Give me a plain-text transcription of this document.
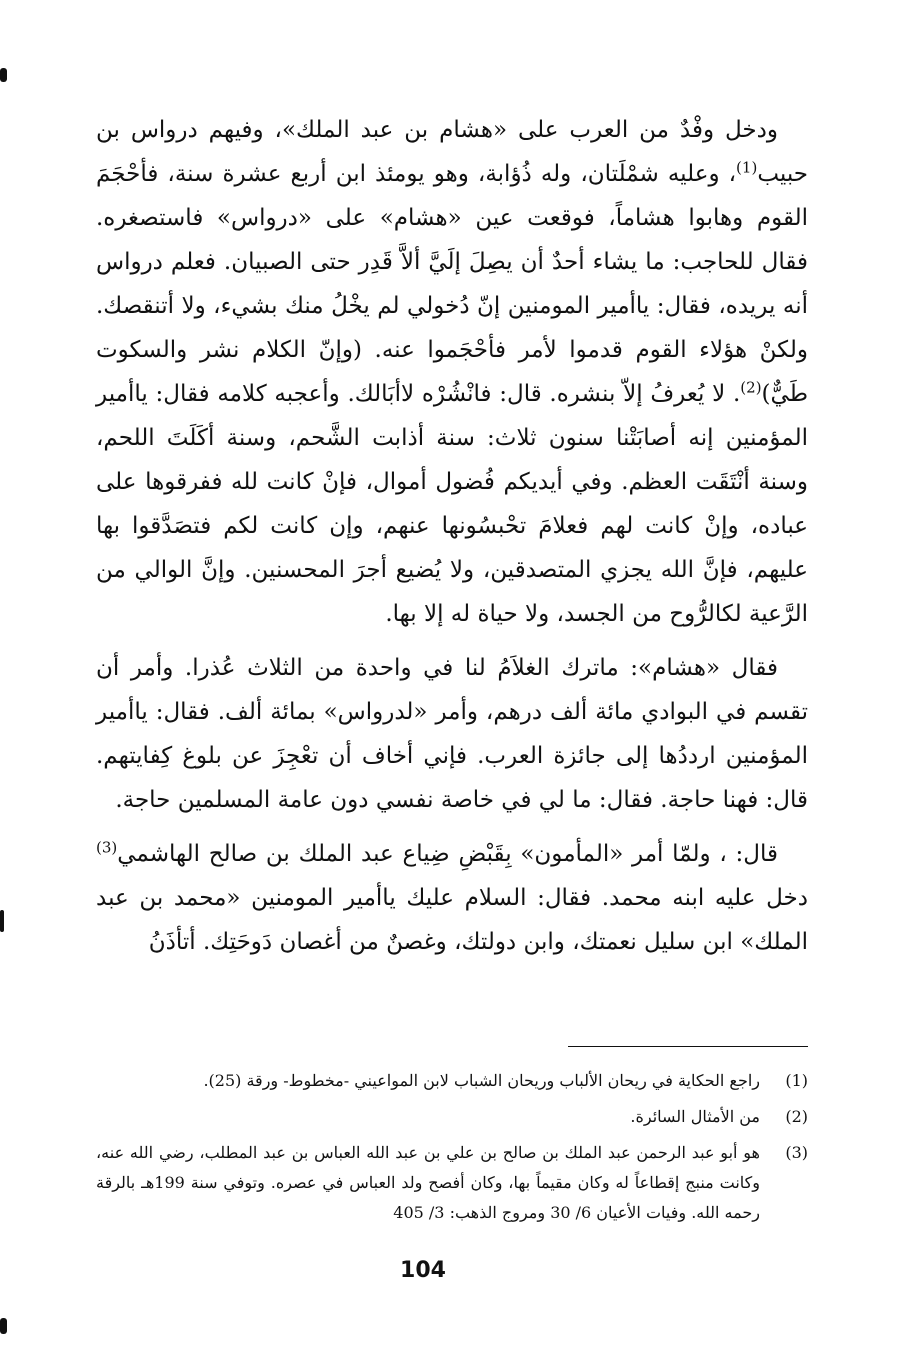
ودخل وفْدٌ من العرب على «هشام بن عبد الملك»، وفيهم درواس بن حبيب$^{(1)}$، وعليه شمْلَتان، وله ذُؤابة، وهو يومئذ ابن أربع عشرة سنة، فأحْجَمَ القوم وهابوا هشاماً، فوقعت عين «هشام» على «درواس» فاستصغره. فقال للحاجب: ما يشاء أحدٌ أن يصِلَ إلَيَّ ألاَّ قَدِر حتى الصبيان. فعلم درواس أنه يريده، فقال: ياأمير المومنين إنّ دُخولي لم يخْلُ منك بشيء، ولا أتنقصك. ولكنْ هؤلاء القوم قدموا لأمر فأحْجَموا عنه. (وإنّ الكلام نشر والسكوت طَيٌّ)$^{(2)}$. لا يُعرفُ إلاّ بنشره. قال: فانْشُرْه لاأبَالك. وأعجبه كلامه فقال: ياأمير المؤمنين إنه أصابَتْنا سنون ثلاث: سنة أذابت الشَّحم، وسنة أكَلَتَ اللحم، وسنة أنْتَقَت العظم. وفي أيديكم فُضول أموال، فإنْ كانت لله ففرقوها على عباده، وإنْ كانت لهم فعلامَ تحْبسُونها عنهم، وإن كانت لكم فتصَدَّقوا بها عليهم، فإنَّ الله يجزي المتصدقين، ولا يُضيع أجرَ المحسنين. وإنَّ الوالي من الرَّعية لكالرُّوح من الجسد، ولا حياة له إلا بها.

فقال «هشام»: ماترك الغلاَمُ لنا في واحدة من الثلاث عُذرا. وأمر أن تقسم في البوادي مائة ألف درهم، وأمر «لدرواس» بمائة ألف. فقال: ياأمير المؤمنين ارددُها إلى جائزة العرب. فإني أخاف أن تعْجِزَ عن بلوغ كِفايتهم. قال: فهنا حاجة. فقال: ما لي في خاصة نفسي دون عامة المسلمين حاجة.

قال: ، ولمّا أمر «المأمون» بِقَبْضِ ضِياع عبد الملك بن صالح الهاشمي$^{(3)}$ دخل عليه ابنه محمد. فقال: السلام عليك ياأمير المومنين «محمد بن عبد الملك» ابن سليل نعمتك، وابن دولتك، وغصنٌ من أغصان دَوحَتِك. أتأذَنُ

(1)
راجع الحكاية في ريحان الألباب وريحان الشباب لابن المواعيني -مخطوط- ورقة (25).
(2)
من الأمثال السائرة.
(3)
هو أبو عبد الرحمن عبد الملك بن صالح بن علي بن عبد الله العباس بن عبد المطلب، رضي الله عنه، وكانت منبج إقطاعاً له وكان مقيماً بها، وكان أفصح ولد العباس في عصره. وتوفي سنة 199هـ بالرقة رحمه الله. وفيات الأعيان 6/ 30 ومروج الذهب: 3/ 405
104
